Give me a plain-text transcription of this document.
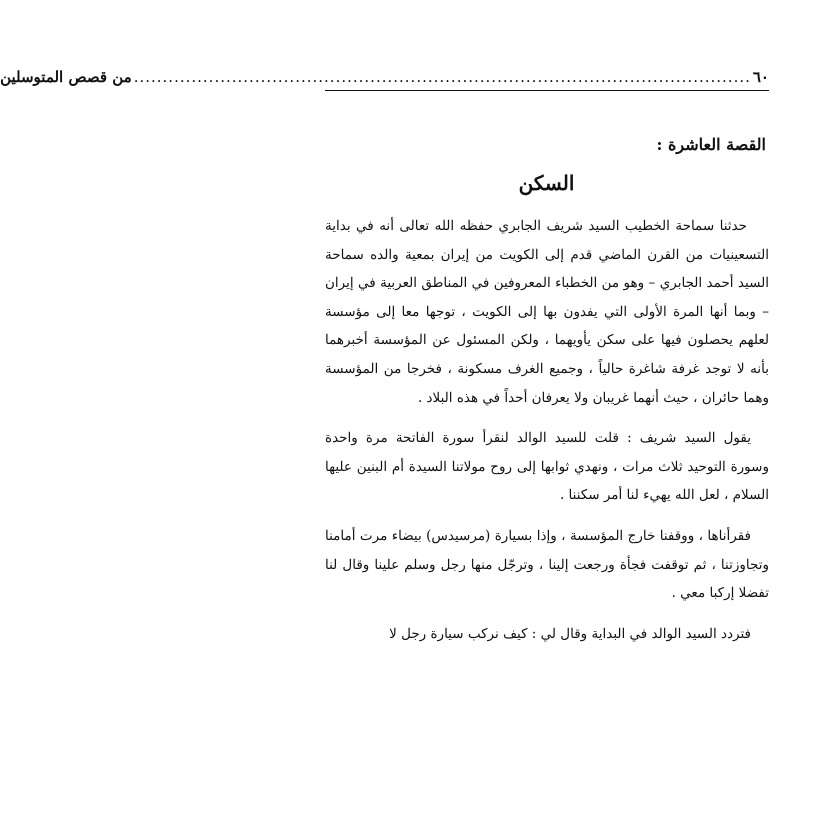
٦٠
...........................................................................................................
من قصص المتوسلين
القصة العاشرة :
السكن

حدثنا سماحة الخطيب السيد شريف الجابري حفظه الله تعالى أنه في بداية التسعينيات من القرن الماضي قدم إلى الكويت من إيران بمعية والده سماحة السيد أحمد الجابري – وهو من الخطباء المعروفين في المناطق العربية في إيران – وبما أنها المرة الأولى التي يفدون بها إلى الكويت ، توجها معا إلى مؤسسة لعلهم يحصلون فيها على سكن يأويهما ، ولكن المسئول عن المؤسسة أخبرهما بأنه لا توجد غرفة شاغرة حالياً ، وجميع الغرف مسكونة ، فخرجا من المؤسسة وهما حائران ، حيث أنهما غريبان ولا يعرفان أحداً في هذه البلاد .

يقول السيد شريف : قلت للسيد الوالد لنقرأ سورة الفاتحة مرة واحدة وسورة التوحيد ثلاث مرات ، ونهدي ثوابها إلى روح مولاتنا السيدة أم البنين عليها السلام ، لعل الله يهيء لنا أمر سكننا .

فقرأناها ، ووقفنا خارج المؤسسة ، وإذا بسيارة (مرسيدس) بيضاء مرت أمامنا وتجاوزتنا ، ثم توقفت فجأة ورجعت إلينا ، وترجّل منها رجل وسلم علينا وقال لنا تفضلا إركبا معي .

فتردد السيد الوالد في البداية وقال لي : كيف نركب سيارة رجل لا
